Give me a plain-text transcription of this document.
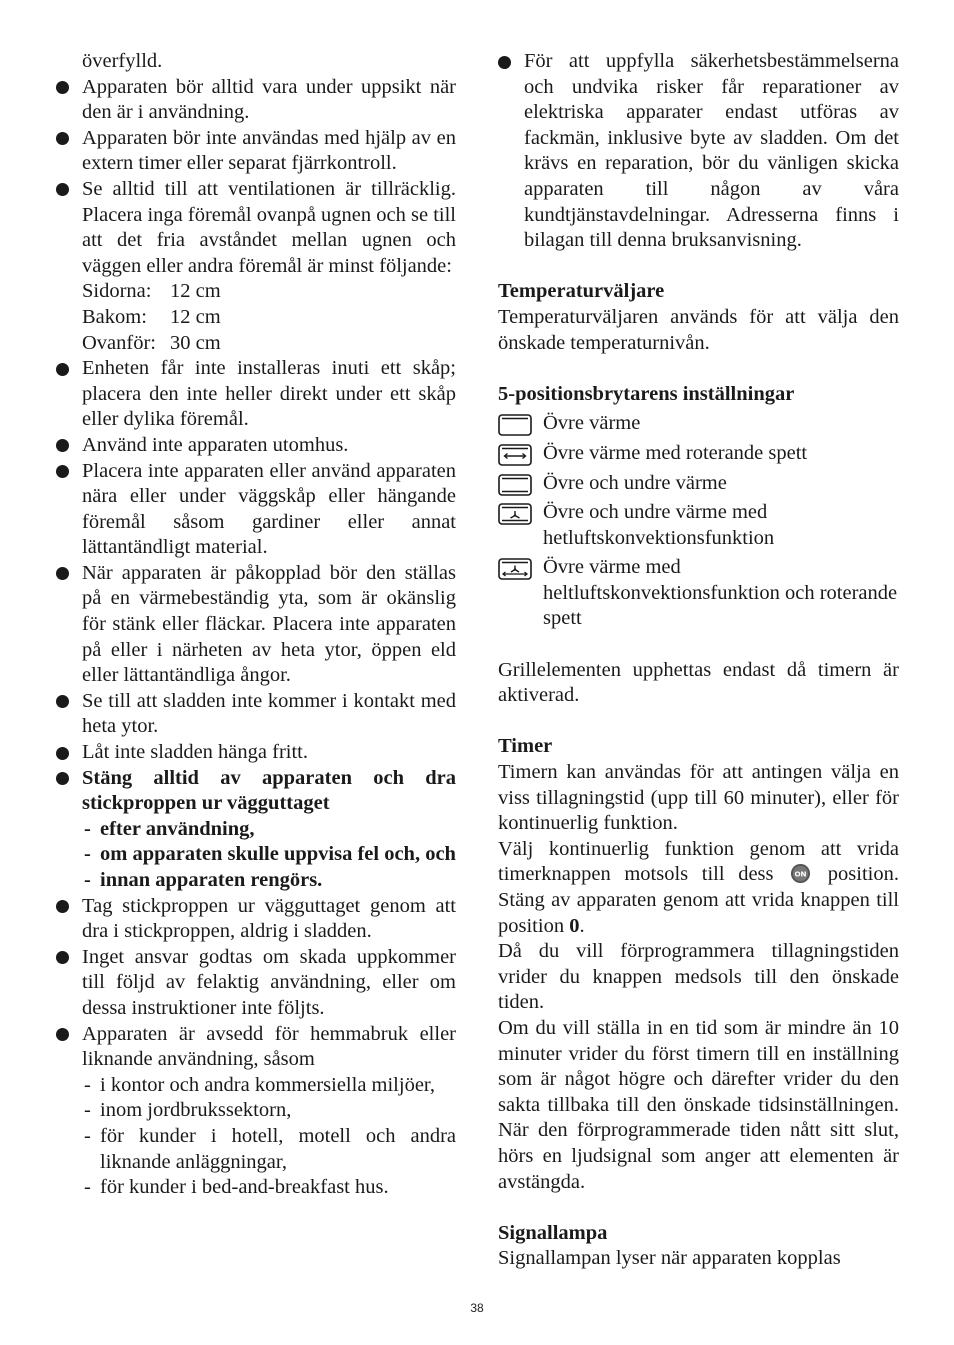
överfylld.

Apparaten bör alltid vara under uppsikt när den är i användning.

Apparaten bör inte användas med hjälp av en extern timer eller separat fjärrkontroll.

Se alltid till att ventilationen är tillräcklig. Placera inga föremål ovanpå ugnen och se till att det fria avståndet mellan ugnen och väggen eller andra föremål är minst följande:

Sidorna: 12 cm
Bakom:	12 cm
Ovanför: 30 cm

Enheten får inte installeras inuti ett skåp; placera den inte heller direkt under ett skåp eller dylika föremål.

Använd inte apparaten utomhus.

Placera inte apparaten eller använd apparaten nära eller under väggskåp eller hängande föremål såsom gardiner eller annat lättantändligt material.

När apparaten är påkopplad bör den ställas på en värmebeständig yta, som är okänslig för stänk eller fläckar. Placera inte apparaten på eller i närheten av heta ytor, öppen eld eller lättantändliga ångor.

Se till att sladden inte kommer i kontakt med heta ytor.

Låt inte sladden hänga fritt.

Stäng alltid av apparaten och dra stickproppen ur vägguttaget

- efter användning,

- om apparaten skulle uppvisa fel och, och

- innan apparaten rengörs.

Tag stickproppen ur vägguttaget genom att dra i stickproppen, aldrig i sladden.

Inget ansvar godtas om skada uppkommer till följd av felaktig användning, eller om dessa instruktioner inte följts.

Apparaten är avsedd för hemmabruk eller liknande användning, såsom

- i kontor och andra kommersiella miljöer,

- inom jordbrukssektorn,

- för kunder i hotell, motell och andra liknande anläggningar,

- för kunder i bed-and-breakfast hus.

För att uppfylla säkerhetsbestämmelserna och undvika risker får reparationer av elektriska apparater endast utföras av fackmän, inklusive byte av sladden. Om det krävs en reparation, bör du vänligen skicka apparaten till någon av våra kundtjänstavdelningar. Adresserna finns i bilagan till denna bruksanvisning.

Temperaturväljare

Temperaturväljaren används för att välja den önskade temperaturnivån.

5-positionsbrytarens inställningar

Övre värme
Övre värme med roterande spett
Övre och undre värme
Övre och undre värme med hetluftskonvektionsfunktion
Övre värme med heltluftskonvektionsfunktion och roterande spett

Grillelementen upphettas endast då timern är aktiverad.

Timer

Timern kan användas för att antingen välja en viss tillagningstid (upp till 60 minuter), eller för kontinuerlig funktion.

Välj kontinuerlig funktion genom att vrida timerknappen motsols till dess	ON position. Stäng av apparaten genom att vrida knappen till position 0.

Då du vill förprogrammera tillagningstiden vrider du knappen medsols till den önskade tiden.

Om du vill ställa in en tid som är mindre än 10 minuter vrider du först timern till en inställning som är något högre och därefter vrider du den sakta tillbaka till den önskade tidsinställningen. När den förprogrammerade tiden nått sitt slut, hörs en ljudsignal som anger att elementen är avstängda.

Signallampa

Signallampan lyser när apparaten kopplas

38
